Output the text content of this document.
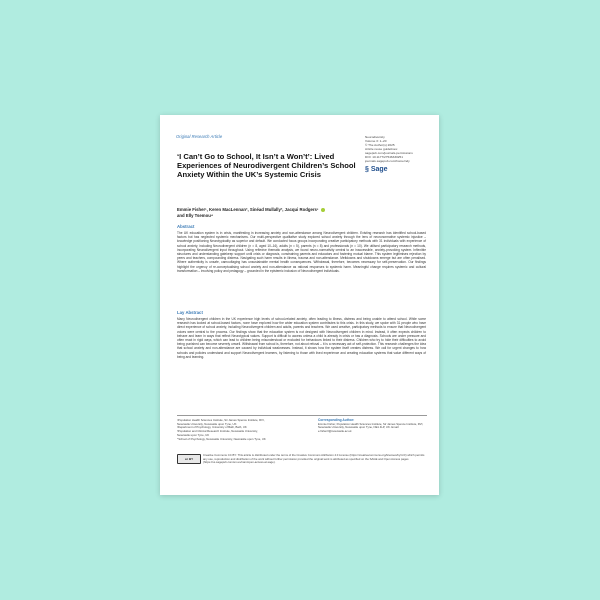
Original Research Article	Neurodiversity
Volume 3: 1–20
© The Author(s) 2025
Article reuse guidelines:
sagepub.com/journals-permissions
DOI: 10.1177/27546330251
journals.sagepub.com/home/ndy
§ Sage
‘I Can’t Go to School, It Isn’t a Won’t’: Lived Experiences of Neurodivergent Children’s School Anxiety Within the UK’s Systemic Crisis
Emmie Fisher¹, Keren MacLennan², Sinéad Mullally², Jacqui Rodgers³
and Elly Tsemou⁴
Abstract

The UK education system is in crisis, manifesting in increasing anxiety and non-attendance among Neurodivergent children. Existing research has identified school-based factors but has neglected systemic mechanisms. Our multi-perspective qualitative study explored school anxiety through the lens of neuronormative systemic injustice – knowledge positioning Neurotypicality as superior and default. We conducted focus groups incorporating creative participatory methods with 31 individuals with experience of school anxiety, including Neurodivergent children (n = 8, aged 10–16), adults (n = 5), parents (n = 8) and professionals (n = 10). We utilised participatory research methods, incorporating Neurodivergent input throughout. Using reflexive thematic analysis, we found neuro-normativity central to an inaccessible, anxiety-provoking system. Inflexible structures and understanding gatekeep support until crisis or diagnosis, constraining parents and educators and fostering mutual blame. This system legitimises rejection by peers and teachers, compounding distress. Navigating such harm results in illness, trauma and non-attendance. Meltdowns and shutdowns emerge but are often penalised. Where authenticity is unsafe, camouflaging has unsustainable mental health consequences. Withdrawal, therefore, becomes necessary for self-preservation. Our findings highlight the urgency of re-conceptualising school anxiety and non-attendance as rational responses to systemic harm. Meaningful change requires systemic and cultural transformation – involving policy and pedagogy – grounded in the epistemic inclusion of Neurodivergent individuals.

Lay Abstract

Many Neurodivergent children in the UK experience high levels of school-related anxiety, often leading to illness, distress and being unable to attend school. While some research has looked at school-based factors, none have explored how the wider education system contributes to this crisis. In this study, we spoke with 31 people who have direct experience of school anxiety, including Neurodivergent children and adults, parents and teachers. We used creative, participatory methods to ensure that Neurodivergent voices were central to the process. Our findings show that the education system is not designed with Neurodivergent children in mind. Instead, it often expects children to behave and learn in ways that reflect Neurotypical values. Support is difficult to access unless a child is already in crisis or has a diagnosis. Schools are under pressure and often react in rigid ways, which can lead to children being misunderstood or excluded for behaviours linked to their distress. Children who try to hide their difficulties to avoid being punished can become severely unwell. Withdrawal from school is, therefore, not about refusal – it is a necessary act of self-protection. This research challenges the idea that school anxiety and non-attendance are caused by individual weaknesses. Instead, it shows how the system itself creates distress. We call for urgent changes to how schools and policies understand and support Neurodivergent learners, by listening to those with lived experience and creating education systems that value different ways of being and learning.

¹Population Health Sciences Institute, Sir James Spence Institute, RVI,
Newcastle University, Newcastle upon Tyne, UK
²Department of Psychology, University of Bath, Bath, UK
³Population and Clinical Research Institute, Newcastle University,
Newcastle upon Tyne, UK
⁴School of Psychology, Newcastle University, Newcastle upon Tyne, UK
Corresponding Author:
Emmie Fisher, Population Health Sciences Institute, Sir James Spence Institute, RVI, Newcastle University, Newcastle upon Tyne, NE1 4LP, UK. Email: e.fisher3@newcastle.ac.uk
cc BY

Creative Commons CC BY: This article is distributed under the terms of the Creative Commons Attribution 4.0 License (https://creativecommons.org/licenses/by/4.0/) which permits any use, reproduction and distribution of the work without further permission provided the original work is attributed as specified on the SAGE and Open Access pages (https://us.sagepub.com/en-us/nam/open-access-at-sage).
